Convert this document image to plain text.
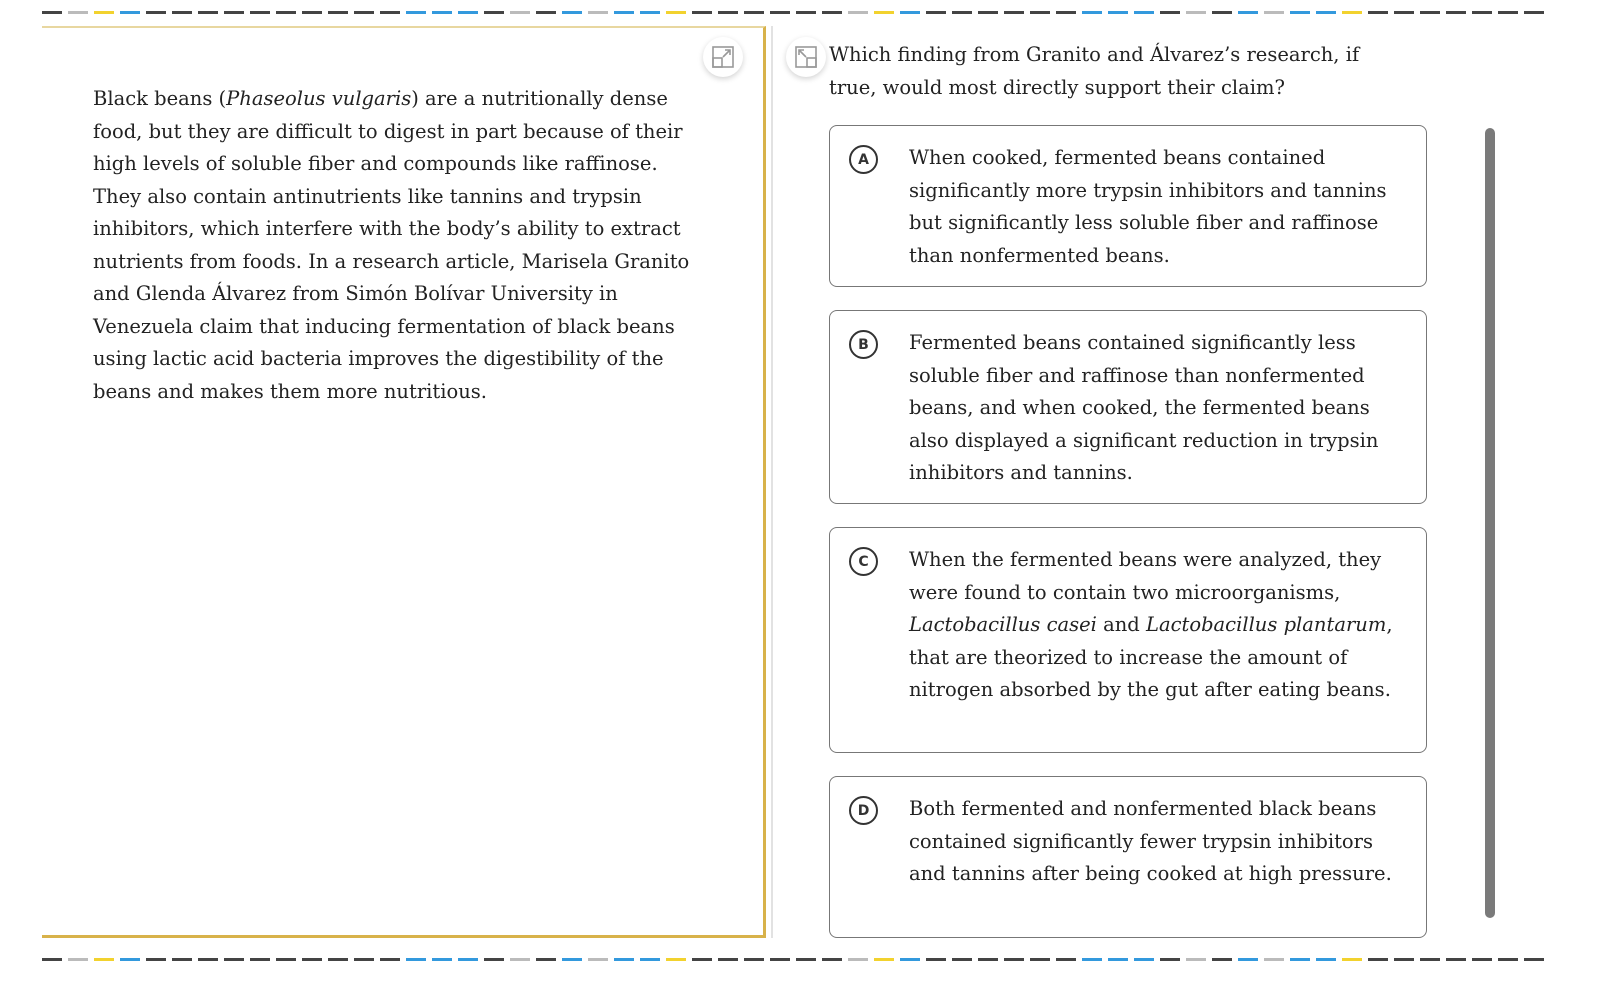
Black beans (Phaseolus vulgaris) are a nutritionally dense food, but they are difficult to digest in part because of their high levels of soluble fiber and compounds like raffinose. They also contain antinutrients like tannins and trypsin inhibitors, which interfere with the body’s ability to extract nutrients from foods. In a research article, Marisela Granito and Glenda Álvarez from Simón Bolívar University in Venezuela claim that inducing fermentation of black beans using lactic acid bacteria improves the digestibility of the beans and makes them more nutritious.
Which finding from Granito and Álvarez’s research, if true, would most directly support their claim?
A	When cooked, fermented beans contained significantly more trypsin inhibitors and tannins but significantly less soluble fiber and raffinose than nonfermented beans.
B	Fermented beans contained significantly less soluble fiber and raffinose than nonfermented beans, and when cooked, the fermented beans also displayed a significant reduction in trypsin inhibitors and tannins.
C	When the fermented beans were analyzed, they were found to contain two microorganisms, Lactobacillus casei and Lactobacillus plantarum, that are theorized to increase the amount of nitrogen absorbed by the gut after eating beans.
D	Both fermented and nonfermented black beans contained significantly fewer trypsin inhibitors and tannins after being cooked at high pressure.
